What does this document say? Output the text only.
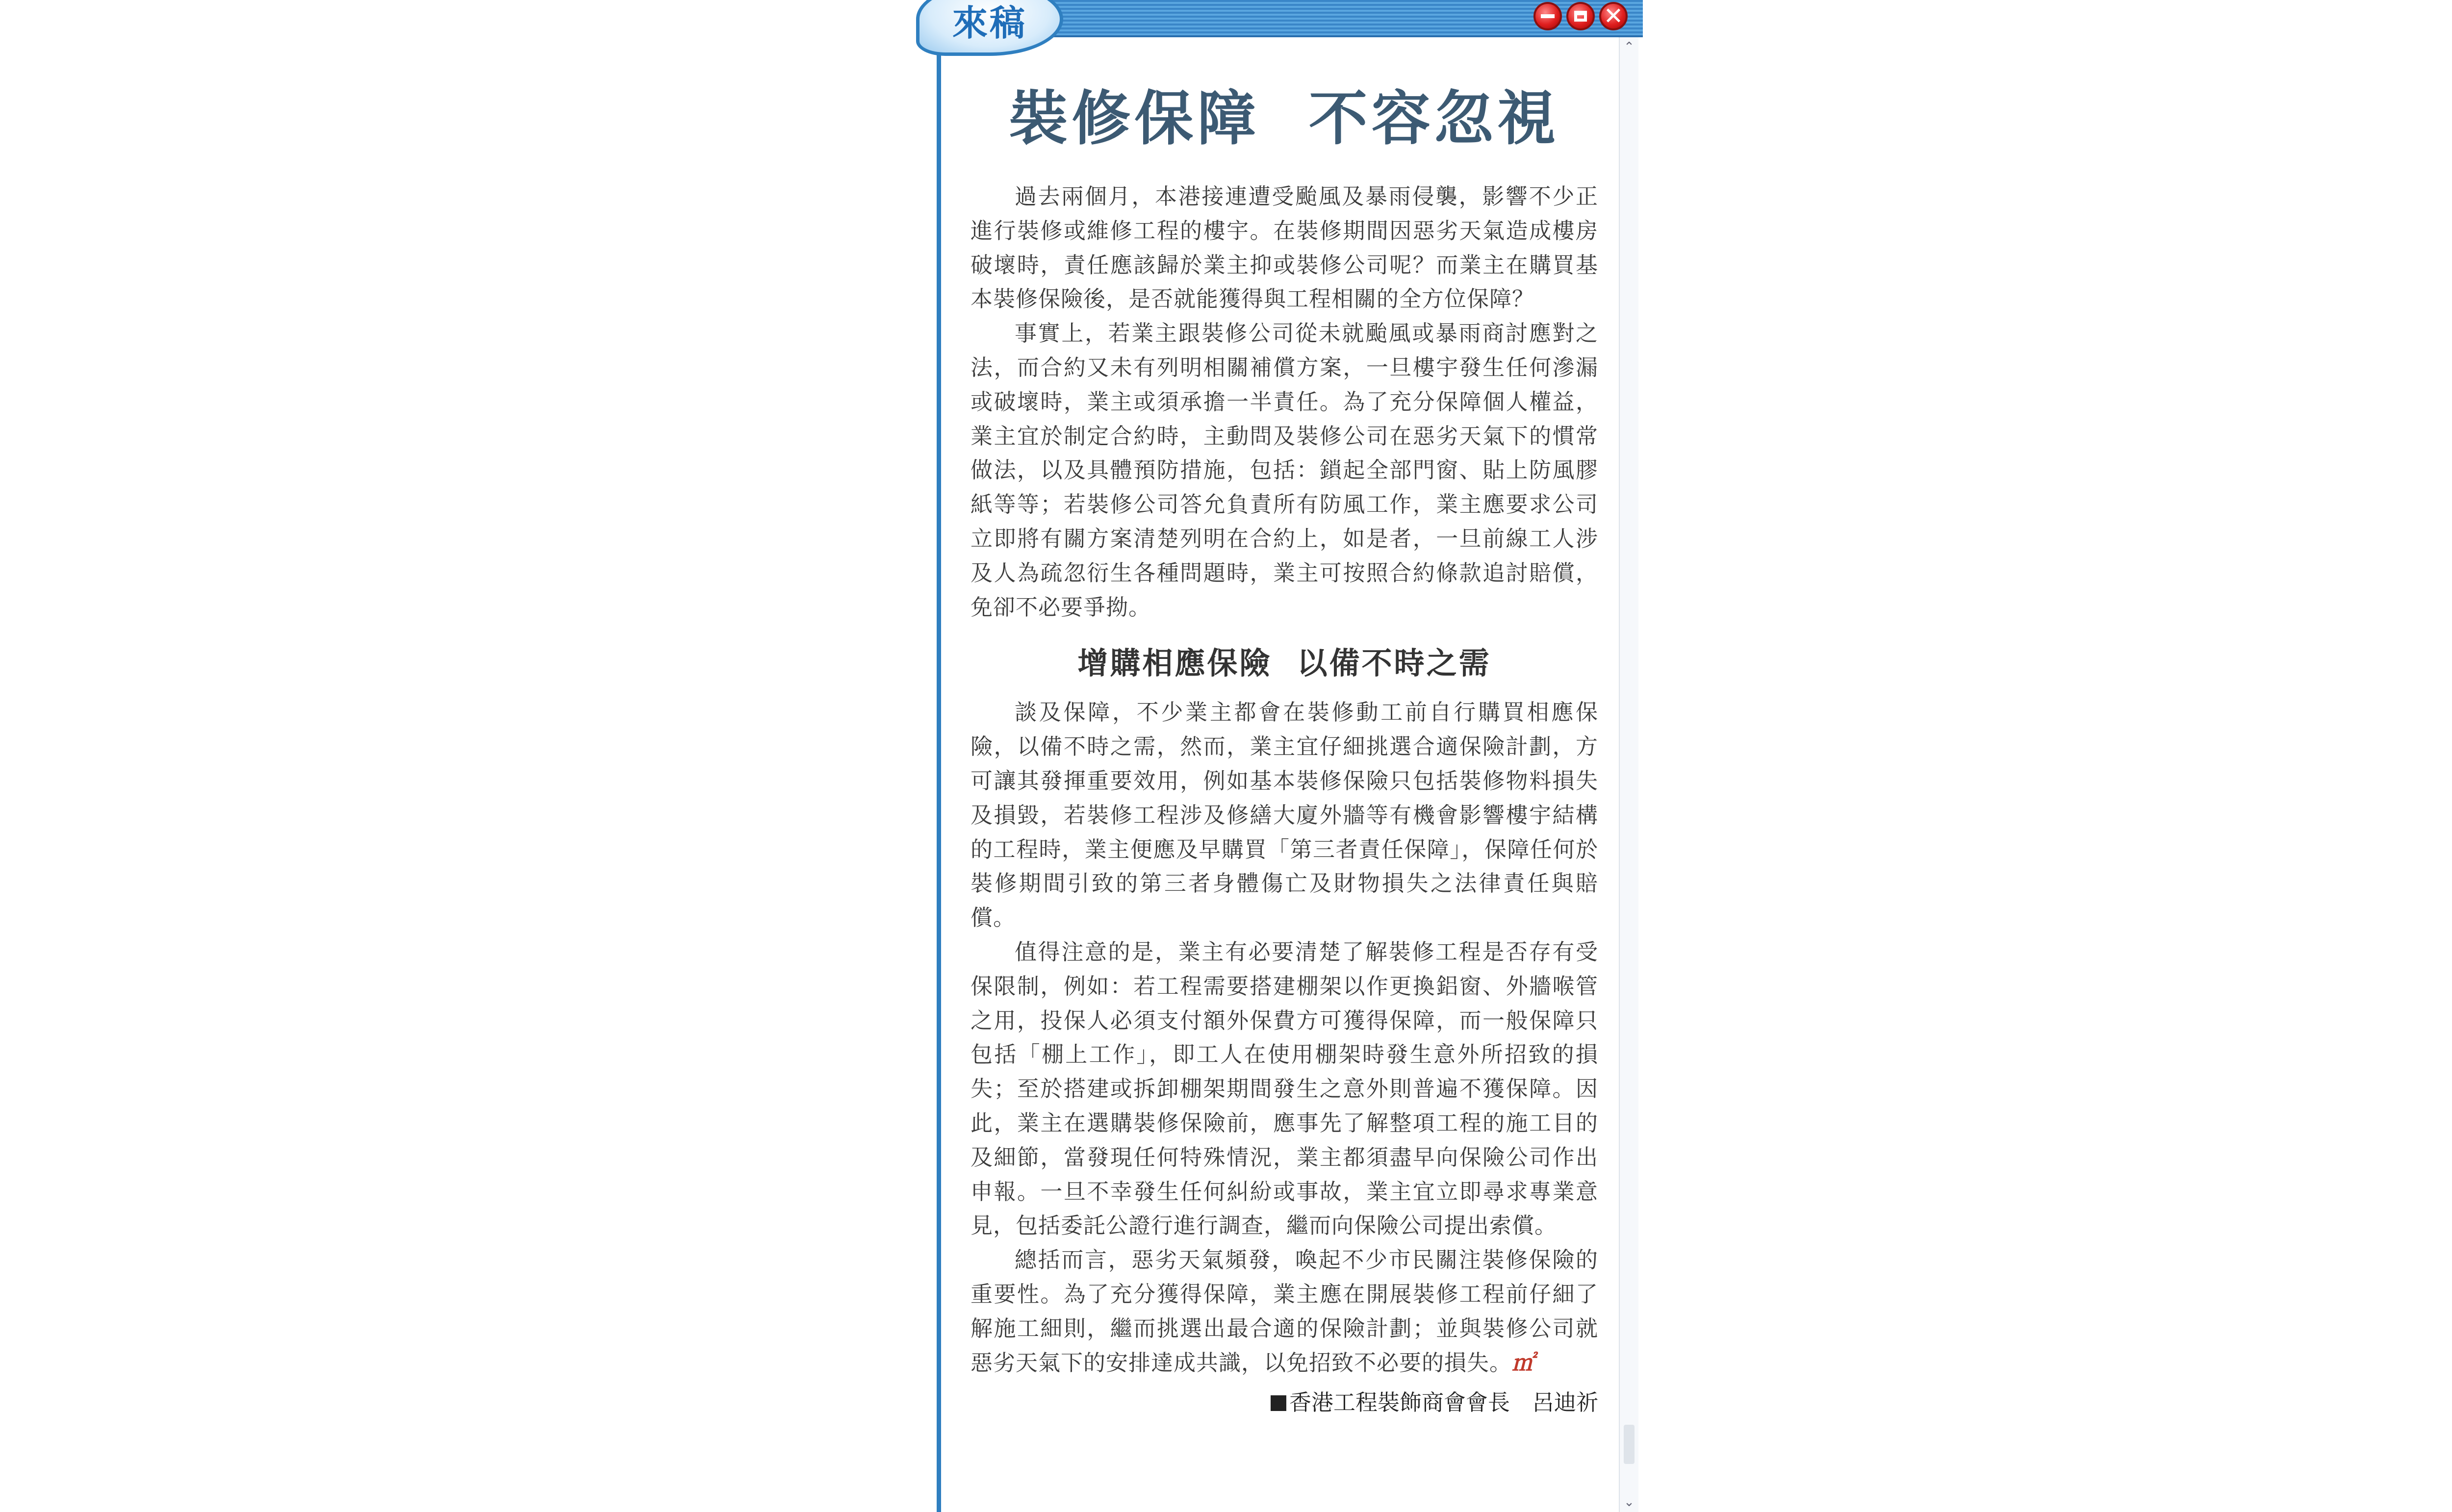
來稿	✕
裝修保障  不容忽視

過去兩個月，本港接連遭受颱風及暴雨侵襲，影響不少正進行裝修或維修工程的樓宇。在裝修期間因惡劣天氣造成樓房破壞時，責任應該歸於業主抑或裝修公司呢？而業主在購買基本裝修保險後，是否就能獲得與工程相關的全方位保障？

事實上，若業主跟裝修公司從未就颱風或暴雨商討應對之法，而合約又未有列明相關補償方案，一旦樓宇發生任何滲漏或破壞時，業主或須承擔一半責任。為了充分保障個人權益，業主宜於制定合約時，主動問及裝修公司在惡劣天氣下的慣常做法，以及具體預防措施，包括：鎖起全部門窗、貼上防風膠紙等等；若裝修公司答允負責所有防風工作，業主應要求公司立即將有關方案清楚列明在合約上，如是者，一旦前線工人涉及人為疏忽衍生各種問題時，業主可按照合約條款追討賠償，免卻不必要爭拗。

增購相應保險  以備不時之需

談及保障，不少業主都會在裝修動工前自行購買相應保險，以備不時之需，然而，業主宜仔細挑選合適保險計劃，方可讓其發揮重要效用，例如基本裝修保險只包括裝修物料損失及損毀，若裝修工程涉及修繕大廈外牆等有機會影響樓宇結構的工程時，業主便應及早購買「第三者責任保障」，保障任何於裝修期間引致的第三者身體傷亡及財物損失之法律責任與賠償。

值得注意的是，業主有必要清楚了解裝修工程是否存有受保限制，例如：若工程需要搭建棚架以作更換鋁窗、外牆喉管之用，投保人必須支付額外保費方可獲得保障，而一般保障只包括「棚上工作」，即工人在使用棚架時發生意外所招致的損失；至於搭建或拆卸棚架期間發生之意外則普遍不獲保障。因此，業主在選購裝修保險前，應事先了解整項工程的施工目的及細節，當發現任何特殊情況，業主都須盡早向保險公司作出申報。一旦不幸發生任何糾紛或事故，業主宜立即尋求專業意見，包括委託公證行進行調查，繼而向保險公司提出索償。

總括而言，惡劣天氣頻發，喚起不少市民關注裝修保險的重要性。為了充分獲得保障，業主應在開展裝修工程前仔細了解施工細則，繼而挑選出最合適的保險計劃；並與裝修公司就惡劣天氣下的安排達成共識，以免招致不必要的損失。㎡

香港工程裝飾商會會長　呂迪祈
⌃
⌄
